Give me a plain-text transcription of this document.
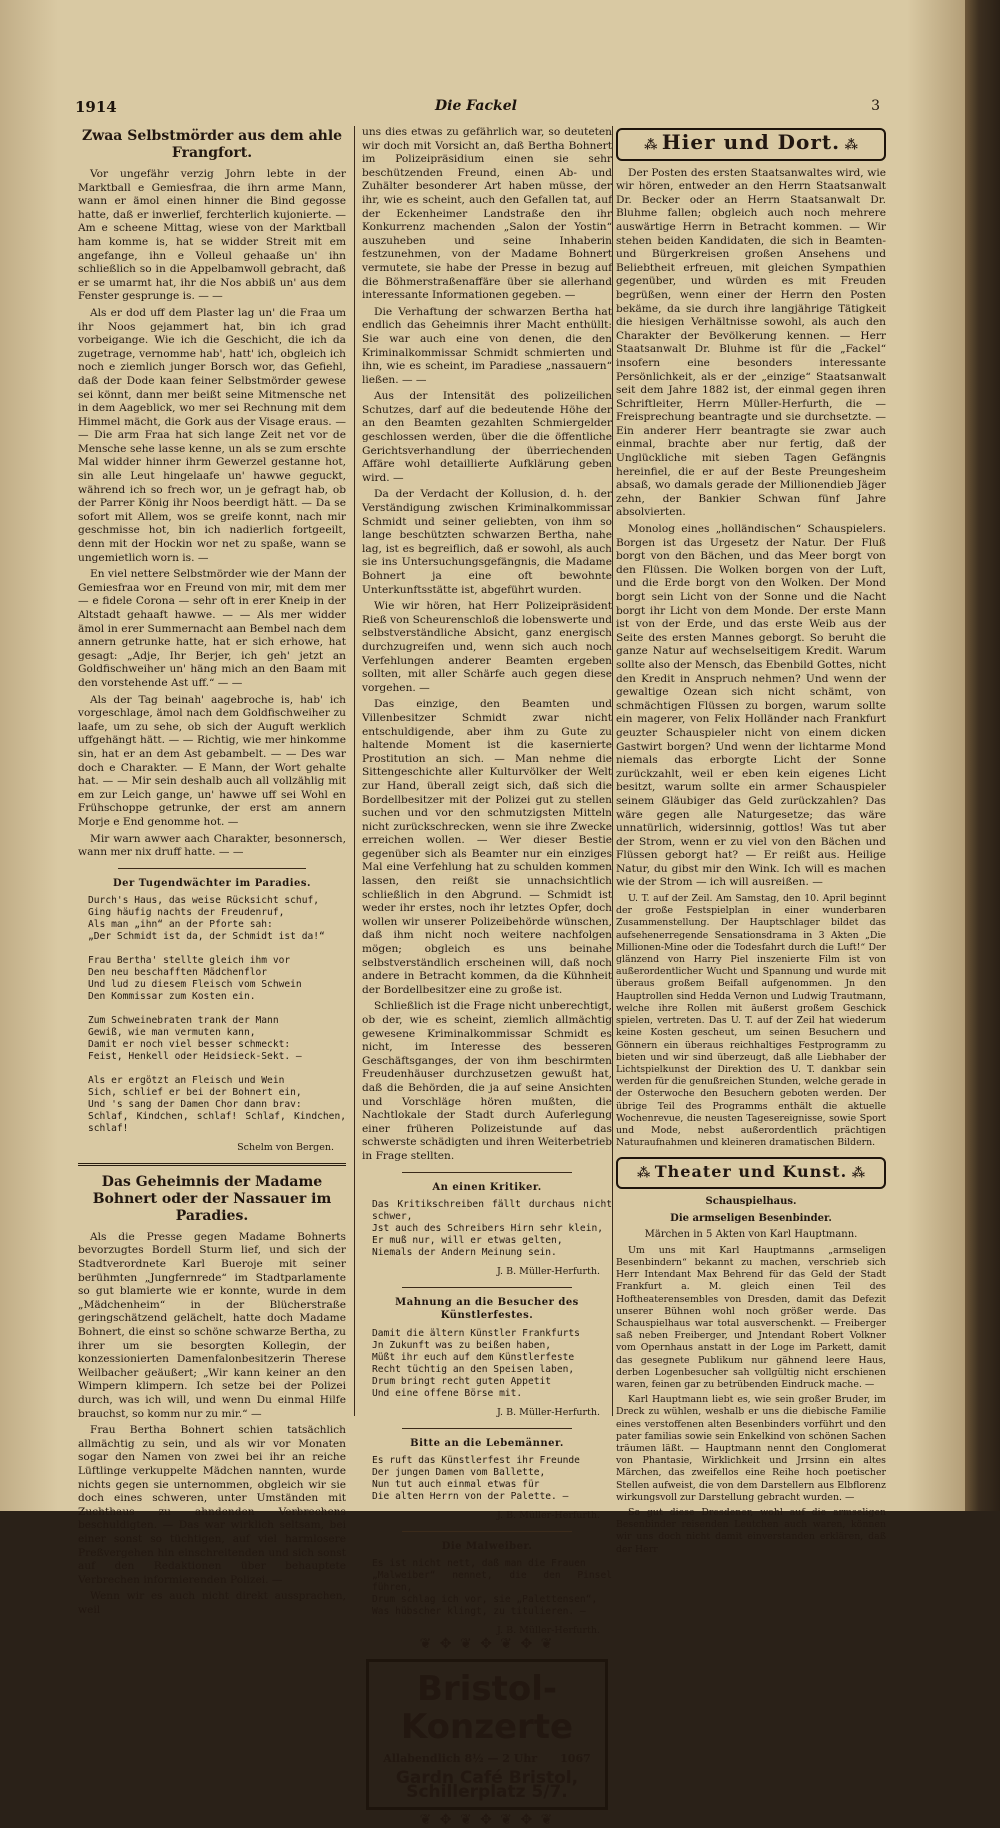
1914	Die Fackel	3
Zwaa Selbstmörder aus dem ahle Frangfort.

Vor ungefähr verzig Johrn lebte in der Marktball e Gemiesfraa, die ihrn arme Mann, wann er ämol einen hinner die Bind gegosse hatte, daß er inwerlief, ferchterlich kujonierte. — Am e scheene Mittag, wiese von der Marktball ham komme is, hat se widder Streit mit em angefange, ihn e Volleul gehaaße un' ihn schließlich so in die Appelbamwoll gebracht, daß er se umarmt hat, ihr die Nos abbiß un' aus dem Fenster gesprunge is. — —

Als er dod uff dem Plaster lag un' die Fraa um ihr Noos gejammert hat, bin ich grad vorbeigange. Wie ich die Geschicht, die ich da zugetrage, vernomme hab', hatt' ich, obgleich ich noch e ziemlich junger Borsch wor, das Gefiehl, daß der Dode kaan feiner Selbstmörder gewese sei könnt, dann mer beißt seine Mitmensche net in dem Aageblick, wo mer sei Rechnung mit dem Himmel mächt, die Gork aus der Visage eraus. — — Die arm Fraa hat sich lange Zeit net vor de Mensche sehe lasse kenne, un als se zum erschte Mal widder hinner ihrm Gewerzel gestanne hot, sin alle Leut hingelaafe un' hawwe geguckt, während ich so frech wor, un je gefragt hab, ob der Parrer König ihr Noos beerdigt hätt. — Da se sofort mit Allem, wos se greife konnt, nach mir geschmisse hot, bin ich nadierlich fortgeeilt, denn mit der Hockin wor net zu spaße, wann se ungemietlich worn is. —

En viel nettere Selbstmörder wie der Mann der Gemiesfraa wor en Freund von mir, mit dem mer — e fidele Corona — sehr oft in erer Kneip in der Altstadt gehaaft hawwe. — — Als mer widder ämol in erer Summernacht aan Bembel nach dem annern getrunke hatte, hat er sich erhowe, hat gesagt: „Adje, Ihr Berjer, ich geh' jetzt an Goldfischweiher un' häng mich an den Baam mit den vorstehende Ast uff.“ — —

Als der Tag beinah' aagebroche is, hab' ich vorgeschlage, ämol nach dem Goldfischweiher zu laafe, um zu sehe, ob sich der Auguft werklich uffgehängt hätt. — — Richtig, wie mer hinkomme sin, hat er an dem Ast gebambelt. — — Des war doch e Charakter. — E Mann, der Wort gehalte hat. — — Mir sein deshalb auch all vollzählig mit em zur Leich gange, un' hawwe uff sei Wohl en Frühschoppe getrunke, der erst am annern Morje e End genomme hot. —

Mir warn awwer aach Charakter, besonnersch, wann mer nix druff hatte. — —

Der Tugendwächter im Paradies.
Durch's Haus, das weise Rücksicht schuf,
Ging häufig nachts der Freudenruf,
Als man „ihn“ an der Pforte sah:
„Der Schmidt ist da, der Schmidt ist da!“

Frau Bertha' stellte gleich ihm vor
Den neu beschafften Mädchenflor
Und lud zu diesem Fleisch vom Schwein
Den Kommissar zum Kosten ein.

Zum Schweinebraten trank der Mann
Gewiß, wie man vermuten kann,
Damit er noch viel besser schmeckt:
Feist, Henkell oder Heidsieck-Sekt. —

Als er ergötzt an Fleisch und Wein
Sich, schlief er bei der Bohnert ein,
Und 's sang der Damen Chor dann brav:
Schlaf, Kindchen, schlaf! Schlaf, Kindchen, schlaf!
Schelm von Bergen.
Das Geheimnis der Madame Bohnert oder der Nassauer im Paradies.

Als die Presse gegen Madame Bohnerts bevorzugtes Bordell Sturm lief, und sich der Stadtverordnete Karl Bueroje mit seiner berühmten „Jungfernrede“ im Stadtparlamente so gut blamierte wie er konnte, wurde in dem „Mädchenheim“ in der Blücherstraße geringschätzend gelächelt, hatte doch Madame Bohnert, die einst so schöne schwarze Bertha, zu ihrer um sie besorgten Kollegin, der konzessionierten Damenfalonbesitzerin Therese Weilbacher geäußert; „Wir kann keiner an den Wimpern klimpern. Ich setze bei der Polizei durch, was ich will, und wenn Du einmal Hilfe brauchst, so komm nur zu mir.“ —

Frau Bertha Bohnert schien tatsächlich allmächtig zu sein, und als wir vor Monaten sogar den Namen von zwei bei ihr an reiche Lüftlinge verkuppelte Mädchen nannten, wurde nichts gegen sie unternommen, obgleich wir sie doch eines schweren, unter Umständen mit Zuchthaus zu ahndenden Verbrechens beschuldigten. — Das war wirklich seltsam, bei einer sonst so tüchtigen, auf viel harmlosere Preßvergehen hin einschreitenden und sich sonst auf den Redaktionen über behauptete Verbrechen informierenden Polizei. —

Wenn wir es auch nicht direkt aussprachen, weil

uns dies etwas zu gefährlich war, so deuteten wir doch mit Vorsicht an, daß Bertha Bohnert im Polizeipräsidium einen sie sehr beschützenden Freund, einen Ab- und Zuhälter besonderer Art haben müsse, der ihr, wie es scheint, auch den Gefallen tat, auf der Eckenheimer Landstraße den ihr Konkurrenz machenden „Salon der Yostin“ auszuheben und seine Inhaberin festzunehmen, von der Madame Bohnert vermutete, sie habe der Presse in bezug auf die Böhmerstraßenaffäre über sie allerhand interessante Informationen gegeben. —

Die Verhaftung der schwarzen Bertha hat endlich das Geheimnis ihrer Macht enthüllt: Sie war auch eine von denen, die den Kriminalkommissar Schmidt schmierten und ihn, wie es scheint, im Paradiese „nassauern“ ließen. — —

Aus der Intensität des polizeilichen Schutzes, darf auf die bedeutende Höhe der an den Beamten gezahlten Schmiergelder geschlossen werden, über die die öffentliche Gerichtsverhandlung der überriechenden Affäre wohl detaillierte Aufklärung geben wird. —

Da der Verdacht der Kollusion, d. h. der Verständigung zwischen Kriminalkommissar Schmidt und seiner geliebten, von ihm so lange beschützten schwarzen Bertha, nahe lag, ist es begreiflich, daß er sowohl, als auch sie ins Untersuchungsgefängnis, die Madame Bohnert ja eine oft bewohnte Unterkunftsstätte ist, abgeführt wurden.

Wie wir hören, hat Herr Polizeipräsident Rieß von Scheurenschloß die lobenswerte und selbstverständliche Absicht, ganz energisch durchzugreifen und, wenn sich auch noch Verfehlungen anderer Beamten ergeben sollten, mit aller Schärfe auch gegen diese vorgehen. —

Das einzige, den Beamten und Villenbesitzer Schmidt zwar nicht entschuldigende, aber ihm zu Gute zu haltende Moment ist die kasernierte Prostitution an sich. — Man nehme die Sittengeschichte aller Kulturvölker der Welt zur Hand, überall zeigt sich, daß sich die Bordellbesitzer mit der Polizei gut zu stellen suchen und vor den schmutzigsten Mitteln nicht zurückschrecken, wenn sie ihre Zwecke erreichen wollen. — Wer dieser Bestie gegenüber sich als Beamter nur ein einziges Mal eine Verfehlung hat zu schulden kommen lassen, den reißt sie unnachsichtlich schließlich in den Abgrund. — Schmidt ist weder ihr erstes, noch ihr letztes Opfer, doch wollen wir unserer Polizeibehörde wünschen, daß ihm nicht noch weitere nachfolgen mögen; obgleich es uns beinahe selbstverständlich erscheinen will, daß noch andere in Betracht kommen, da die Kühnheit der Bordellbesitzer eine zu große ist.

Schließlich ist die Frage nicht unberechtigt, ob der, wie es scheint, ziemlich allmächtig gewesene Kriminalkommissar Schmidt es nicht, im Interesse des besseren Geschäftsganges, der von ihm beschirmten Freudenhäuser durchzusetzen gewußt hat, daß die Behörden, die ja auf seine Ansichten und Vorschläge hören mußten, die Nachtlokale der Stadt durch Auferlegung einer früheren Polizeistunde auf das schwerste schädigten und ihren Weiterbetrieb in Frage stellten.

An einen Kritiker.
Das Kritikschreiben fällt durchaus nicht schwer,
Jst auch des Schreibers Hirn sehr klein,
Er muß nur, will er etwas gelten,
Niemals der Andern Meinung sein.
J. B. Müller-Herfurth.
Mahnung an die Besucher des Künstlerfestes.
Damit die ältern Künstler Frankfurts
Jn Zukunft was zu beißen haben,
Müßt ihr euch auf dem Künstlerfeste
Recht tüchtig an den Speisen laben,
Drum bringt recht guten Appetit
Und eine offene Börse mit.
J. B. Müller-Herfurth.
Bitte an die Lebemänner.
Es ruft das Künstlerfest ihr Freunde
Der jungen Damen vom Ballette,
Nun tut auch einmal etwas für
Die alten Herrn von der Palette. —
J. B. Müller-Herfurth.
Die Malweiber.
Es ist nicht nett, daß man die Frauen
„Malweiber“ nennet, die den Pinsel führen,
Drum schlag ich vor, sie „Palettensen“,
Was hübscher klingt, zu titulieren. —
J. B. Müller-Herfurth.
❦ ✥ ❦ ✥ ❦ ✥ ❦
Bristol-Konzerte
Allabendlich 8½ — 2 Uhr 1067
Gardn Café Bristol, Schillerplatz 5/7.
❦ ✥ ❦ ✥ ❦ ✥ ❦
⁂ Hier und Dort. ⁂

Der Posten des ersten Staatsanwaltes wird, wie wir hören, entweder an den Herrn Staatsanwalt Dr. Becker oder an Herrn Staatsanwalt Dr. Bluhme fallen; obgleich auch noch mehrere auswärtige Herrn in Betracht kommen. — Wir stehen beiden Kandidaten, die sich in Beamten- und Bürgerkreisen großen Ansehens und Beliebtheit erfreuen, mit gleichen Sympathien gegenüber, und würden es mit Freuden begrüßen, wenn einer der Herrn den Posten bekäme, da sie durch ihre langjährige Tätigkeit die hiesigen Verhältnisse sowohl, als auch den Charakter der Bevölkerung kennen. — Herr Staatsanwalt Dr. Bluhme ist für die „Fackel“ insofern eine besonders interessante Persönlichkeit, als er der „einzige“ Staatsanwalt seit dem Jahre 1882 ist, der einmal gegen ihren Schriftleiter, Herrn Müller-Herfurth, die — Freisprechung beantragte und sie durchsetzte. — Ein anderer Herr beantragte sie zwar auch einmal, brachte aber nur fertig, daß der Unglückliche mit sieben Tagen Gefängnis hereinfiel, die er auf der Beste Preungesheim absaß, wo damals gerade der Millionendieb Jäger zehn, der Bankier Schwan fünf Jahre absolvierten.

Monolog eines „holländischen“ Schauspielers. Borgen ist das Urgesetz der Natur. Der Fluß borgt von den Bächen, und das Meer borgt von den Flüssen. Die Wolken borgen von der Luft, und die Erde borgt von den Wolken. Der Mond borgt sein Licht von der Sonne und die Nacht borgt ihr Licht von dem Monde. Der erste Mann ist von der Erde, und das erste Weib aus der Seite des ersten Mannes geborgt. So beruht die ganze Natur auf wechselseitigem Kredit. Warum sollte also der Mensch, das Ebenbild Gottes, nicht den Kredit in Anspruch nehmen? Und wenn der gewaltige Ozean sich nicht schämt, von schmächtigen Flüssen zu borgen, warum sollte ein magerer, von Felix Holländer nach Frankfurt geuzter Schauspieler nicht von einem dicken Gastwirt borgen? Und wenn der lichtarme Mond niemals das erborgte Licht der Sonne zurückzahlt, weil er eben kein eigenes Licht besitzt, warum sollte ein armer Schauspieler seinem Gläubiger das Geld zurückzahlen? Das wäre gegen alle Naturgesetze; das wäre unnatürlich, widersinnig, gottlos! Was tut aber der Strom, wenn er zu viel von den Bächen und Flüssen geborgt hat? — Er reißt aus. Heilige Natur, du gibst mir den Wink. Ich will es machen wie der Strom — ich will ausreißen. —

U. T. auf der Zeil. Am Samstag, den 10. April beginnt der große Festspielplan in einer wunderbaren Zusammenstellung. Der Hauptschlager bildet das aufsehenerregende Sensationsdrama in 3 Akten „Die Millionen-Mine oder die Todesfahrt durch die Luft!“ Der glänzend von Harry Piel inszenierte Film ist von außerordentlicher Wucht und Spannung und wurde mit überaus großem Beifall aufgenommen. Jn den Hauptrollen sind Hedda Vernon und Ludwig Trautmann, welche ihre Rollen mit äußerst großem Geschick spielen, vertreten. Das U. T. auf der Zeil hat wiederum keine Kosten gescheut, um seinen Besuchern und Gönnern ein überaus reichhaltiges Festprogramm zu bieten und wir sind überzeugt, daß alle Liebhaber der Lichtspielkunst der Direktion des U. T. dankbar sein werden für die genußreichen Stunden, welche gerade in der Osterwoche den Besuchern geboten werden. Der übrige Teil des Programms enthält die aktuelle Wochenrevue, die neusten Tagesereignisse, sowie Sport und Mode, nebst außerordentlich prächtigen Naturaufnahmen und kleineren dramatischen Bildern.

⁂ Theater und Kunst. ⁂

Schauspielhaus.

Die armseligen Besenbinder.

Märchen in 5 Akten von Karl Hauptmann.

Um uns mit Karl Hauptmanns „armseligen Besenbindern“ bekannt zu machen, verschrieb sich Herr Intendant Max Behrend für das Geld der Stadt Frankfurt a. M. gleich einen Teil des Hoftheaterensembles von Dresden, damit das Defezit unserer Bühnen wohl noch größer werde. Das Schauspielhaus war total ausverschenkt. — Freiberger saß neben Freiberger, und Jntendant Robert Volkner vom Opernhaus anstatt in der Loge im Parkett, damit das gesegnete Publikum nur gähnend leere Haus, derben Logenbesucher sah vollgültig nicht erschienen waren, feinen gar zu betrübenden Eindruck mache. —

Karl Hauptmann liebt es, wie sein großer Bruder, im Dreck zu wühlen, weshalb er uns die diebische Familie eines verstoffenen alten Besenbinders vorführt und den pater familias sowie sein Enkelkind von schönen Sachen träumen läßt. — Hauptmann nennt den Conglomerat von Phantasie, Wirklichkeit und Jrrsinn ein altes Märchen, das zweifellos eine Reihe hoch poetischer Stellen aufweist, die von dem Darstellern aus Elbflorenz wirkungsvoll zur Darstellung gebracht wurden. —

So gut diese Dresdener, wohl auf die armseligen Besenbinder reisenden Leutchen auch waren, können wir uns doch nicht damit einverstanden erklären, daß der Herr
